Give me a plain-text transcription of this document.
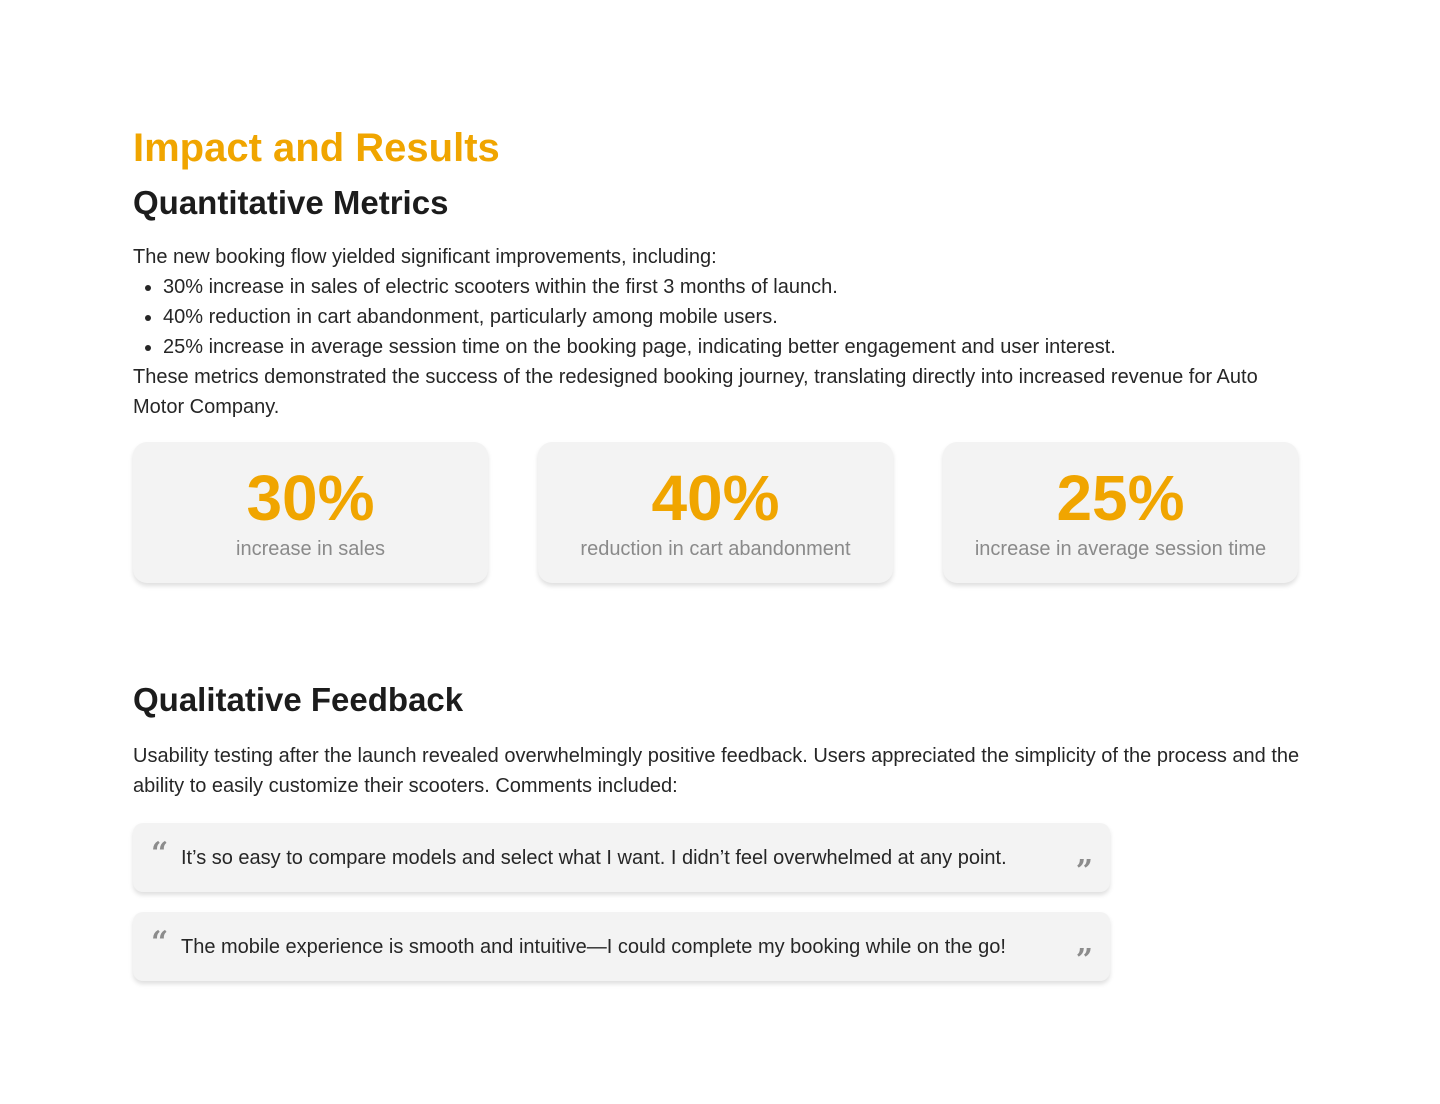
Impact and Results
Quantitative Metrics

The new booking flow yielded significant improvements, including:

• 30% increase in sales of electric scooters within the first 3 months of launch.
• 40% reduction in cart abandonment, particularly among mobile users.
• 25% increase in average session time on the booking page, indicating better engagement and user interest.

These metrics demonstrated the success of the redesigned booking journey, translating directly into increased revenue for Auto Motor Company.

30%
increase in sales
40%
reduction in cart abandonment
25%
increase in average session time
Qualitative Feedback

Usability testing after the launch revealed overwhelmingly positive feedback. Users appreciated the simplicity of the process and the ability to easily customize their scooters. Comments included:

“ It’s so easy to compare models and select what I want. I didn’t feel overwhelmed at any point. ”
“ The mobile experience is smooth and intuitive—I could complete my booking while on the go! ”
